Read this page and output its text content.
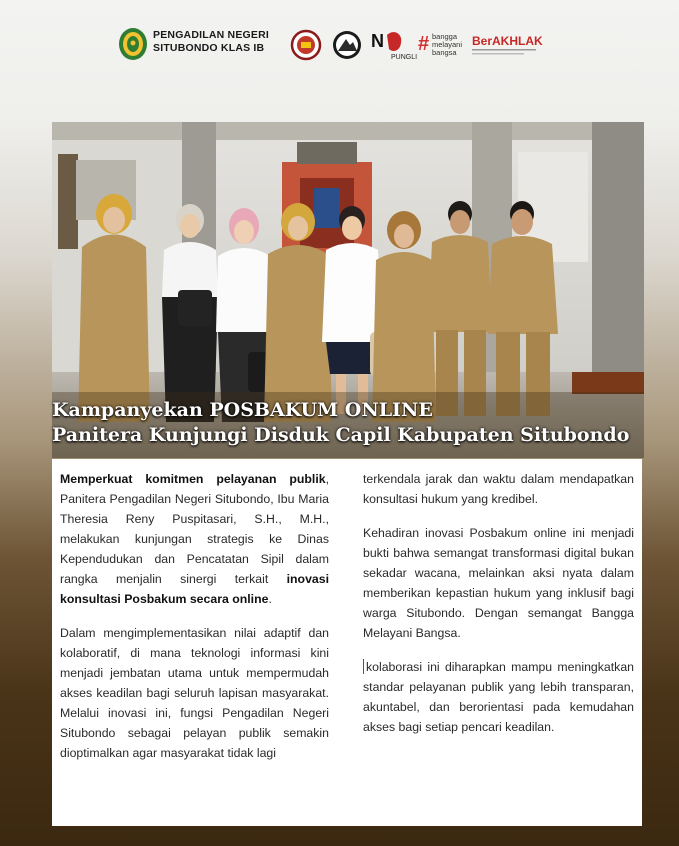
PENGADILAN NEGERI
SITUBONDO KLAS IB	N
PUNGLI
# bangga
melayani
bangsa
BerAKHLAK
Kampanyekan POSBAKUM ONLINE
Panitera Kunjungi Disduk Capil Kabupaten Situbondo

Memperkuat komitmen pelayanan publik, Panitera Pengadilan Negeri Situbondo, Ibu Maria Theresia Reny Puspitasari, S.H., M.H., melakukan kunjungan strategis ke Dinas Kependudukan dan Pencatatan Sipil dalam rangka menjalin sinergi terkait inovasi konsultasi Posbakum secara online.

Dalam mengimplementasikan nilai adaptif dan kolaboratif, di mana teknologi informasi kini menjadi jembatan utama untuk mempermudah akses keadilan bagi seluruh lapisan masyarakat. Melalui inovasi ini, fungsi Pengadilan Negeri Situbondo sebagai pelayan publik semakin dioptimalkan agar masyarakat tidak lagi

terkendala jarak dan waktu dalam mendapatkan konsultasi hukum yang kredibel.

Kehadiran inovasi Posbakum online ini menjadi bukti bahwa semangat transformasi digital bukan sekadar wacana, melainkan aksi nyata dalam memberikan kepastian hukum yang inklusif bagi warga Situbondo. Dengan semangat Bangga Melayani Bangsa.

kolaborasi ini diharapkan mampu meningkatkan standar pelayanan publik yang lebih transparan, akuntabel, dan berorientasi pada kemudahan akses bagi setiap pencari keadilan.
